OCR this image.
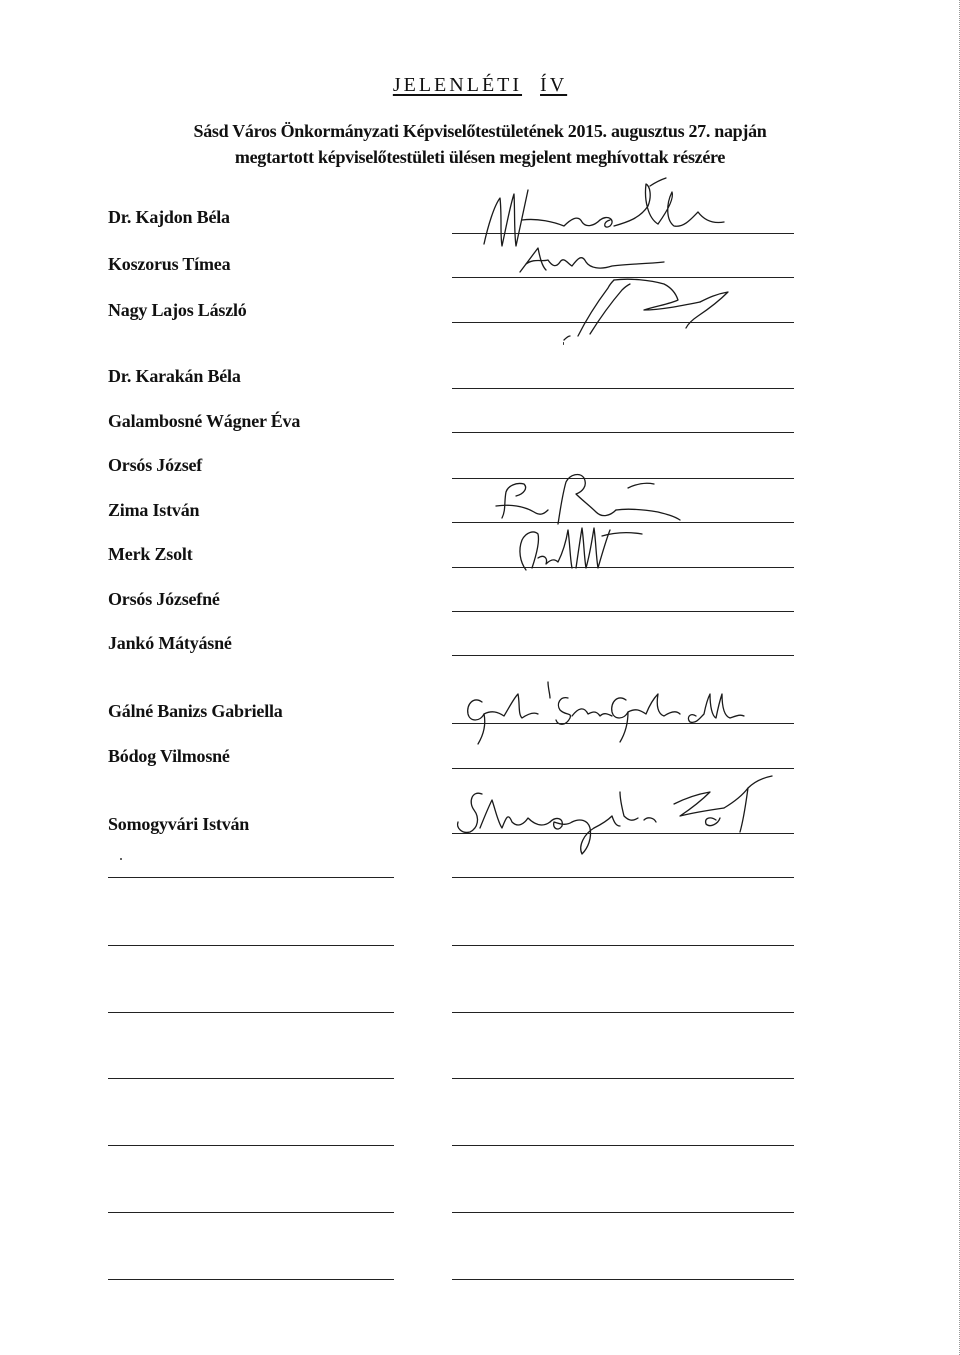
JELENLÉTI ÍV
Sásd Város Önkormányzati Képviselőtestületének 2015. augusztus 27. napján
megtartott képviselőtestületi ülésen megjelent meghívottak részére
Dr. Kajdon Béla
Koszorus Tímea
Nagy Lajos László
Dr. Karakán Béla
Galambosné Wágner Éva
Orsós József
Zima István
Merk Zsolt
Orsós Józsefné
Jankó Mátyásné
Gálné Banizs Gabriella
Bódog Vilmosné
Somogyvári István
